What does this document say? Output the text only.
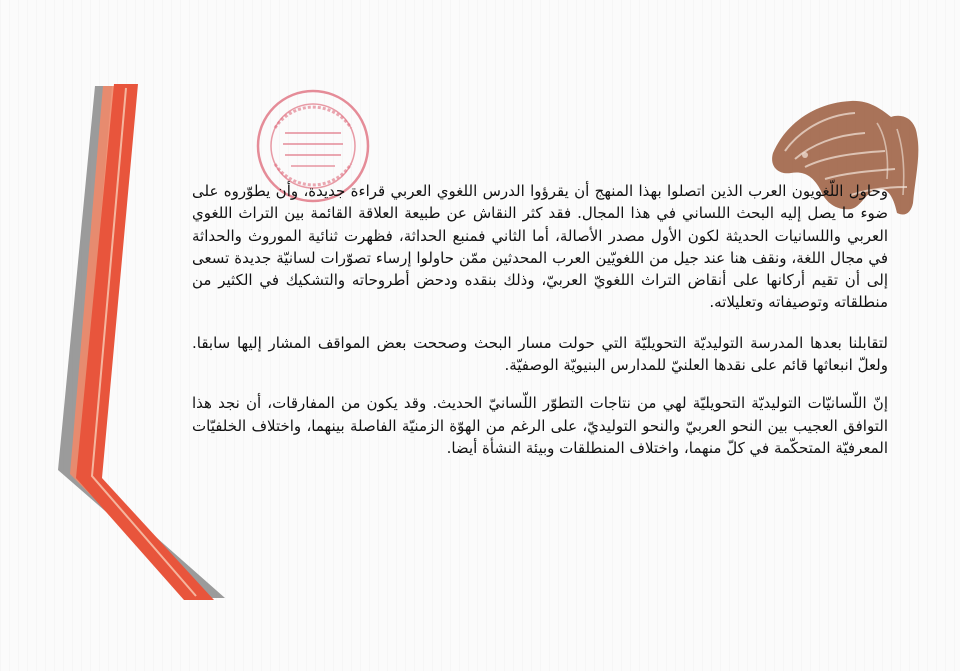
وحاول اللّغويون العرب الذين اتصلوا بهذا المنهج أن يقرؤوا الدرس اللغوي العربي قراءة جديدة، وأن يطوّروه على ضوء ما يصل إليه البحث اللساني في هذا المجال. فقد كثر النقاش عن طبيعة العلاقة القائمة بين التراث اللغوي العربي واللسانيات الحديثة لكون الأول مصدر الأصالة، أما الثاني فمنبع الحداثة، فظهرت ثنائية الموروث والحداثة في مجال اللغة، ونقف هنا عند جيل من اللغويّين العرب المحدثين ممّن حاولوا إرساء تصوّرات لسانيّة جديدة تسعى إلى أن تقيم أركانها على أنقاض التراث اللغويّ العربيّ، وذلك بنقده ودحض أطروحاته والتشكيك في الكثير من منطلقاته وتوصيفاته وتعليلاته.

لتقابلنا بعدها المدرسة التوليديّة التحويليّة التي حولت مسار البحث وصححت بعض المواقف المشار إليها سابقا. ولعلّ انبعاثها قائم على نقدها العلنيّ للمدارس البنيويّة الوصفيّة.

إنّ اللّسانيّات التوليديّة التحويليّة لهي من نتاجات التطوّر اللّسانيّ الحديث. وقد يكون من المفارقات، أن نجد هذا التوافق العجيب بين النحو العربيّ والنحو التوليديّ، على الرغم من الهوّة الزمنيّة الفاصلة بينهما، واختلاف الخلفيّات المعرفيّة المتحكّمة في كلّ منهما، واختلاف المنطلقات وبيئة النشأة أيضا.
